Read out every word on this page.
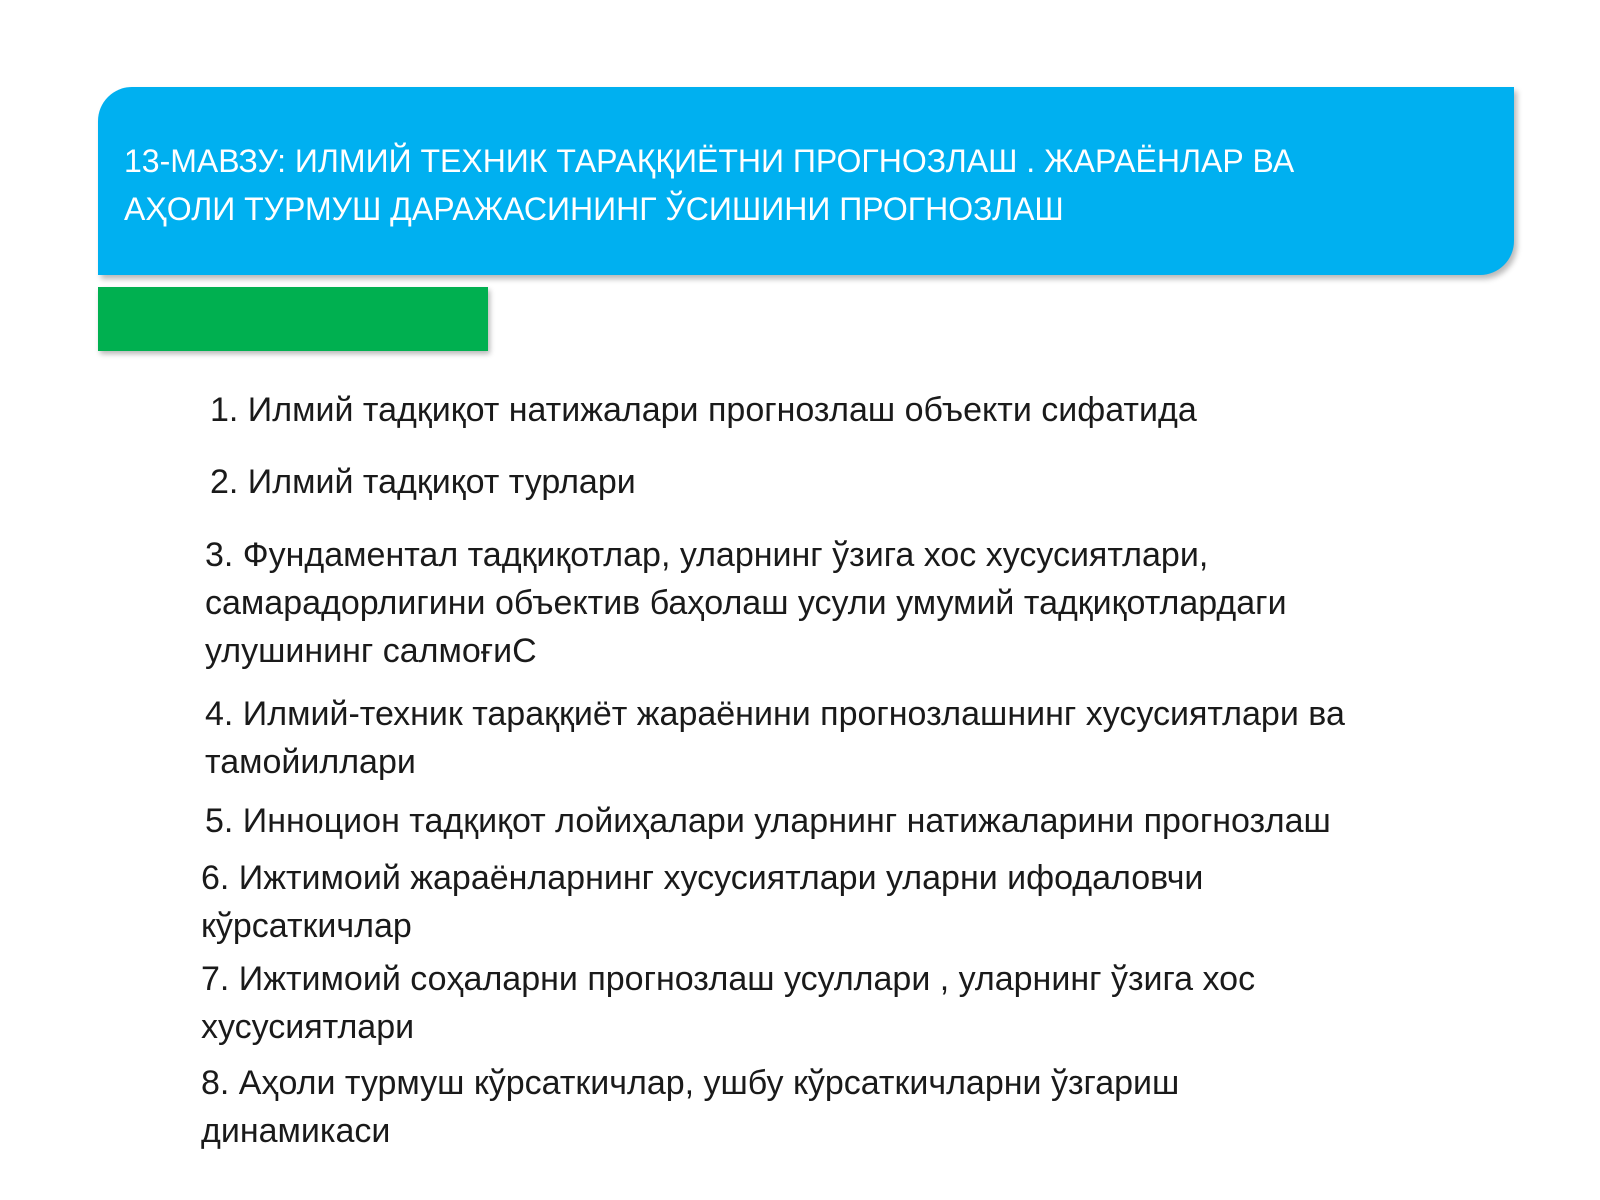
13-МАВЗУ: ИЛМИЙ ТЕХНИК ТАРАҚҚИЁТНИ ПРОГНОЗЛАШ . ЖАРАЁНЛАР ВА
АҲОЛИ ТУРМУШ ДАРАЖАСИНИНГ ЎСИШИНИ ПРОГНОЗЛАШ

1. Илмий тадқиқот натижалари прогнозлаш объекти сифатида
2. Илмий тадқиқот турлари
3. Фундаментал тадқиқотлар, уларнинг ўзига хос хусусиятлари,
самарадорлигини объектив баҳолаш усули умумий тадқиқотлардаги
улушининг салмоғиС
4. Илмий-техник тараққиёт жараёнини прогнозлашнинг хусусиятлари ва
тамойиллари
5. Инноцион тадқиқот лойиҳалари уларнинг натижаларини прогнозлаш
6. Ижтимоий жараёнларнинг хусусиятлари уларни ифодаловчи
кўрсаткичлар
7. Ижтимоий соҳаларни прогнозлаш усуллари , уларнинг ўзига хос
хусусиятлари
8. Аҳоли турмуш кўрсаткичлар, ушбу кўрсаткичларни ўзгариш
динамикаси
